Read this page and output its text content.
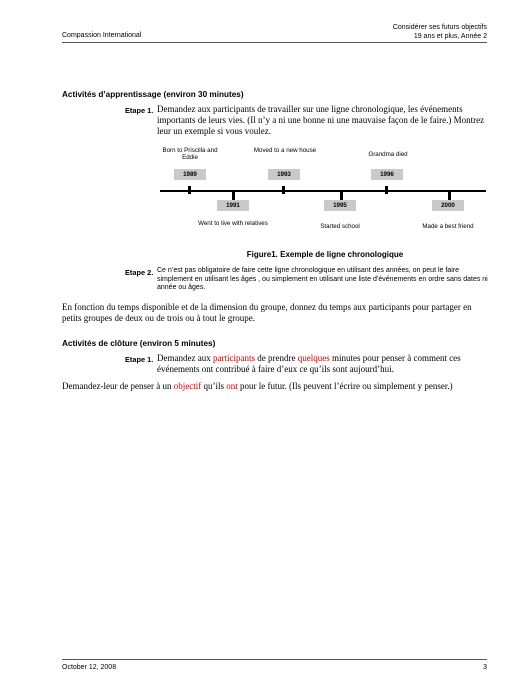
Compassion International
Considérer ses futurs objectifs
19 ans et plus, Année 2
Activités d’apprentissage (environ 30 minutes)
Etape 1. Demandez aux participants de travailler sur une ligne chronologique, les événements importants de leurs vies. (Il n’y a ni une bonne ni une mauvaise façon de le faire.) Montrez leur un exemple si vous voulez.
Born to Priscilla and Eddie
Moved to a new house
Grandma died
1989	1993	1996
1991	1995	2000
Went to live with relatives	Started school	Made a best friend
Figure1. Exemple de ligne chronologique
Etape 2. Ce n’est pas obligatoire de faire cette ligne chronologique en utilisant des années, on peut le faire simplement en utilisant les âges , ou simplement en utilisant une liste d’événements en ordre sans dates ni année ou âges.
En fonction du temps disponible et de la dimension du groupe, donnez du temps aux participants pour partager en petits groupes de deux ou de trois ou à tout le groupe.
Activités de clôture (environ 5 minutes)
Etape 1. Demandez aux participants de prendre quelques minutes pour penser à comment ces événements ont contribué à faire d’eux ce qu’ils sont aujourd’hui.
Demandez-leur de penser à un objectif qu’ils ont pour le futur. (Ils peuvent l’écrire ou simplement y penser.)
October 12, 2008	3
